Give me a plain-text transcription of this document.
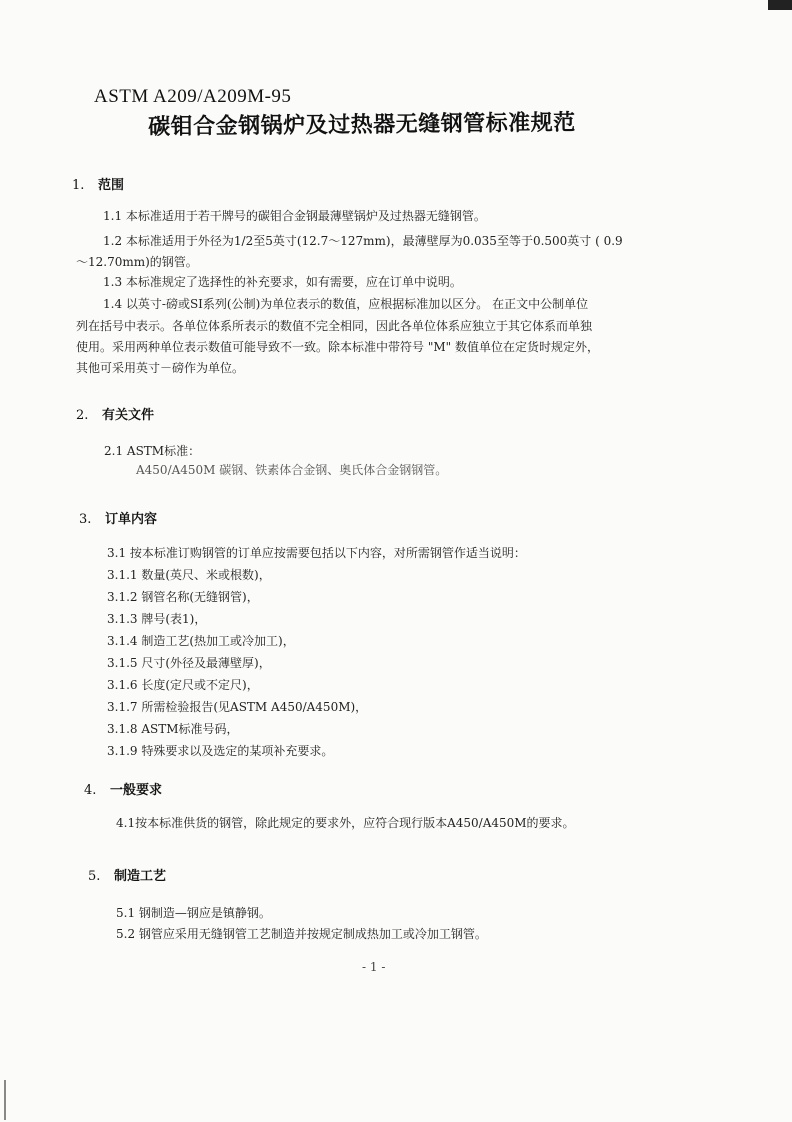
ASTM A209/A209M-95
碳钼合金钢锅炉及过热器无缝钢管标准规范
1. 范围
1.1 本标准适用于若干牌号的碳钼合金钢最薄壁锅炉及过热器无缝钢管。
1.2 本标准适用于外径为1/2至5英寸(12.7～127mm)，最薄壁厚为0.035至等于0.500英寸 ( 0.9
～12.70mm)的钢管。
1.3 本标准规定了选择性的补充要求，如有需要，应在订单中说明。
1.4 以英寸-磅或SI系列(公制)为单位表示的数值，应根据标准加以区分。 在正文中公制单位
列在括号中表示。各单位体系所表示的数值不完全相同，因此各单位体系应独立于其它体系而单独
使用。采用两种单位表示数值可能导致不一致。除本标准中带符号 "M" 数值单位在定货时规定外，
其他可采用英寸－磅作为单位。
2. 有关文件
2.1 ASTM标准：
A450/A450M 碳钢、铁素体合金钢、奥氏体合金钢钢管。
3. 订单内容
3.1 按本标准订购钢管的订单应按需要包括以下内容，对所需钢管作适当说明：
3.1.1 数量(英尺、米或根数)，
3.1.2 钢管名称(无缝钢管)，
3.1.3 牌号(表1)，
3.1.4 制造工艺(热加工或冷加工)，
3.1.5 尺寸(外径及最薄壁厚)，
3.1.6 长度(定尺或不定尺)，
3.1.7 所需检验报告(见ASTM A450/A450M)，
3.1.8 ASTM标准号码，
3.1.9 特殊要求以及选定的某项补充要求。
4. 一般要求
4.1按本标准供货的钢管，除此规定的要求外，应符合现行版本A450/A450M的要求。
5. 制造工艺
5.1 钢制造—钢应是镇静钢。
5.2 钢管应采用无缝钢管工艺制造并按规定制成热加工或冷加工钢管。
- 1 -
